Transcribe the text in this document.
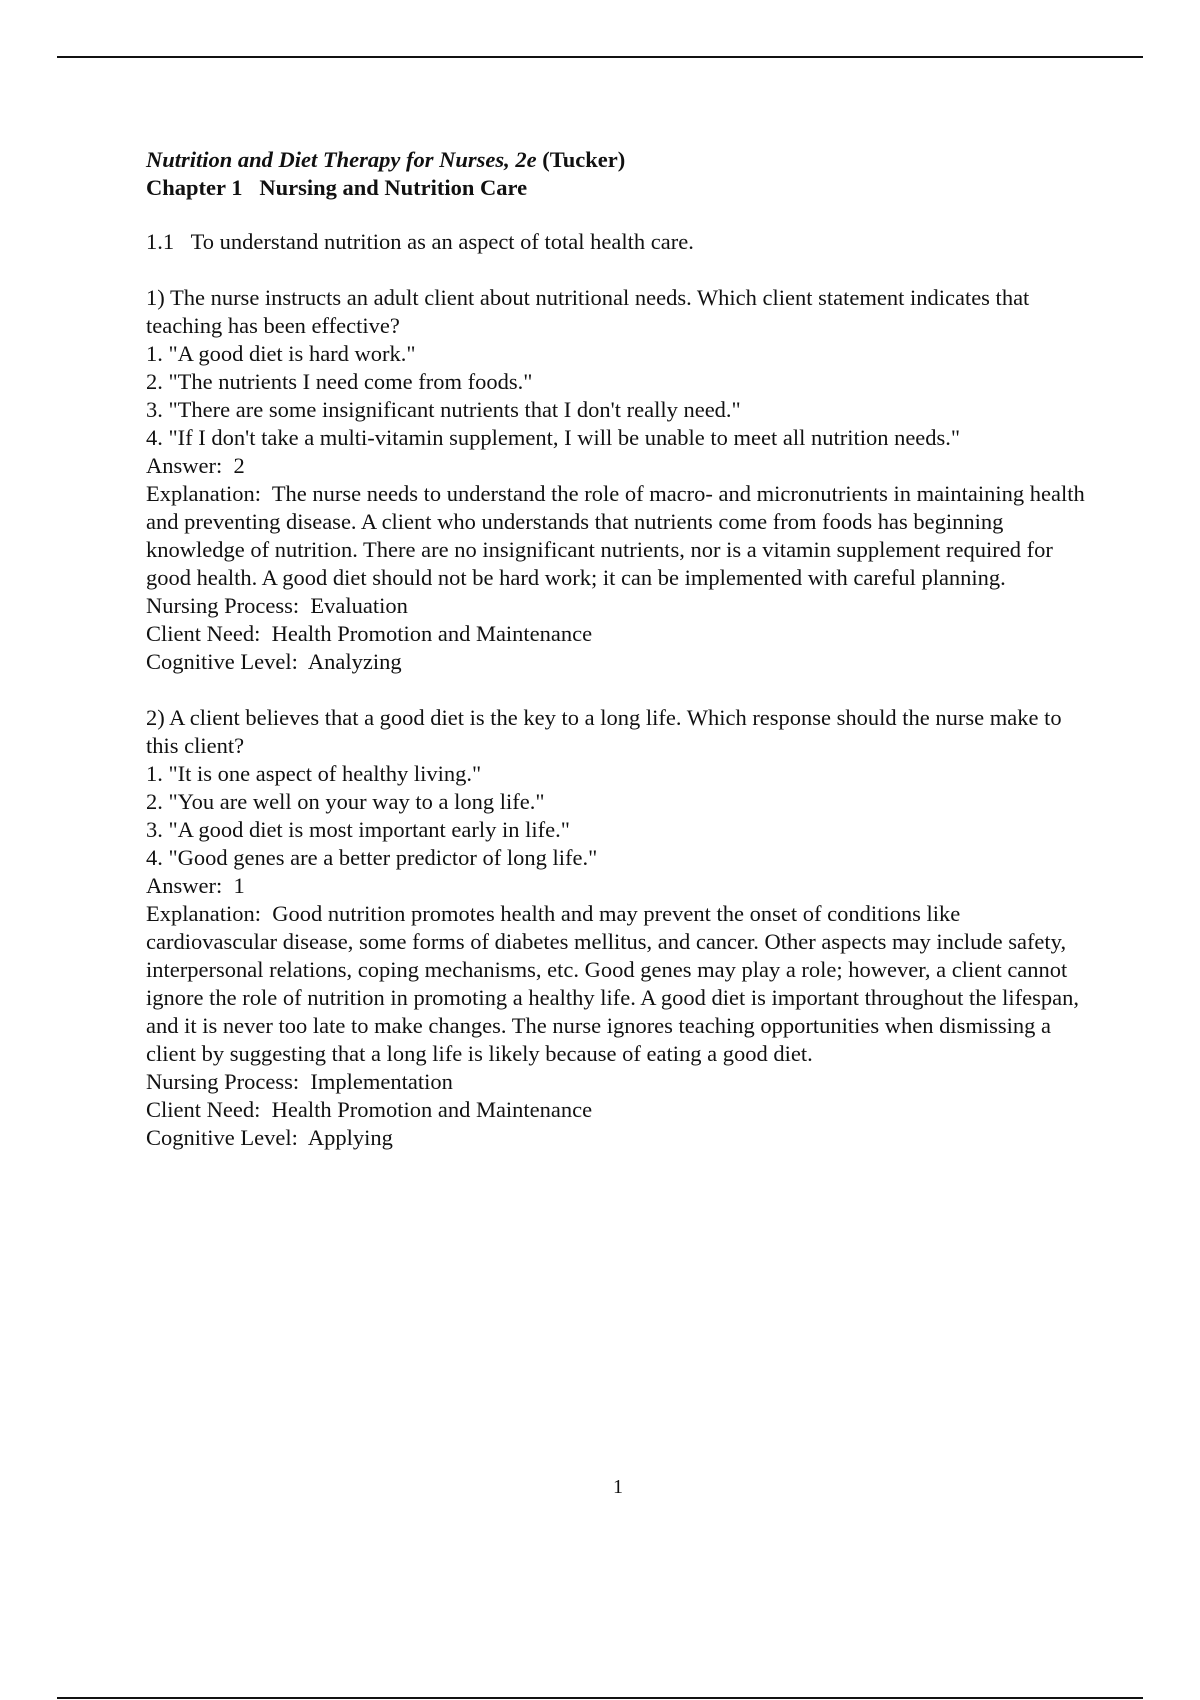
Nutrition and Diet Therapy for Nurses, 2e (Tucker)

Chapter 1   Nursing and Nutrition Care

1.1   To understand nutrition as an aspect of total health care.

1) The nurse instructs an adult client about nutritional needs. Which client statement indicates that teaching has been effective?

1. "A good diet is hard work."

2. "The nutrients I need come from foods."

3. "There are some insignificant nutrients that I don't really need."

4. "If I don't take a multi-vitamin supplement, I will be unable to meet all nutrition needs."

Answer:  2

Explanation:  The nurse needs to understand the role of macro- and micronutrients in maintaining health and preventing disease. A client who understands that nutrients come from foods has beginning knowledge of nutrition. There are no insignificant nutrients, nor is a vitamin supplement required for good health. A good diet should not be hard work; it can be implemented with careful planning.

Nursing Process:  Evaluation

Client Need:  Health Promotion and Maintenance

Cognitive Level:  Analyzing

2) A client believes that a good diet is the key to a long life. Which response should the nurse make to this client?

1. "It is one aspect of healthy living."

2. "You are well on your way to a long life."

3. "A good diet is most important early in life."

4. "Good genes are a better predictor of long life."

Answer:  1

Explanation:  Good nutrition promotes health and may prevent the onset of conditions like cardiovascular disease, some forms of diabetes mellitus, and cancer. Other aspects may include safety, interpersonal relations, coping mechanisms, etc. Good genes may play a role; however, a client cannot ignore the role of nutrition in promoting a healthy life. A good diet is important throughout the lifespan, and it is never too late to make changes. The nurse ignores teaching opportunities when dismissing a client by suggesting that a long life is likely because of eating a good diet.

Nursing Process:  Implementation

Client Need:  Health Promotion and Maintenance

Cognitive Level:  Applying

1
